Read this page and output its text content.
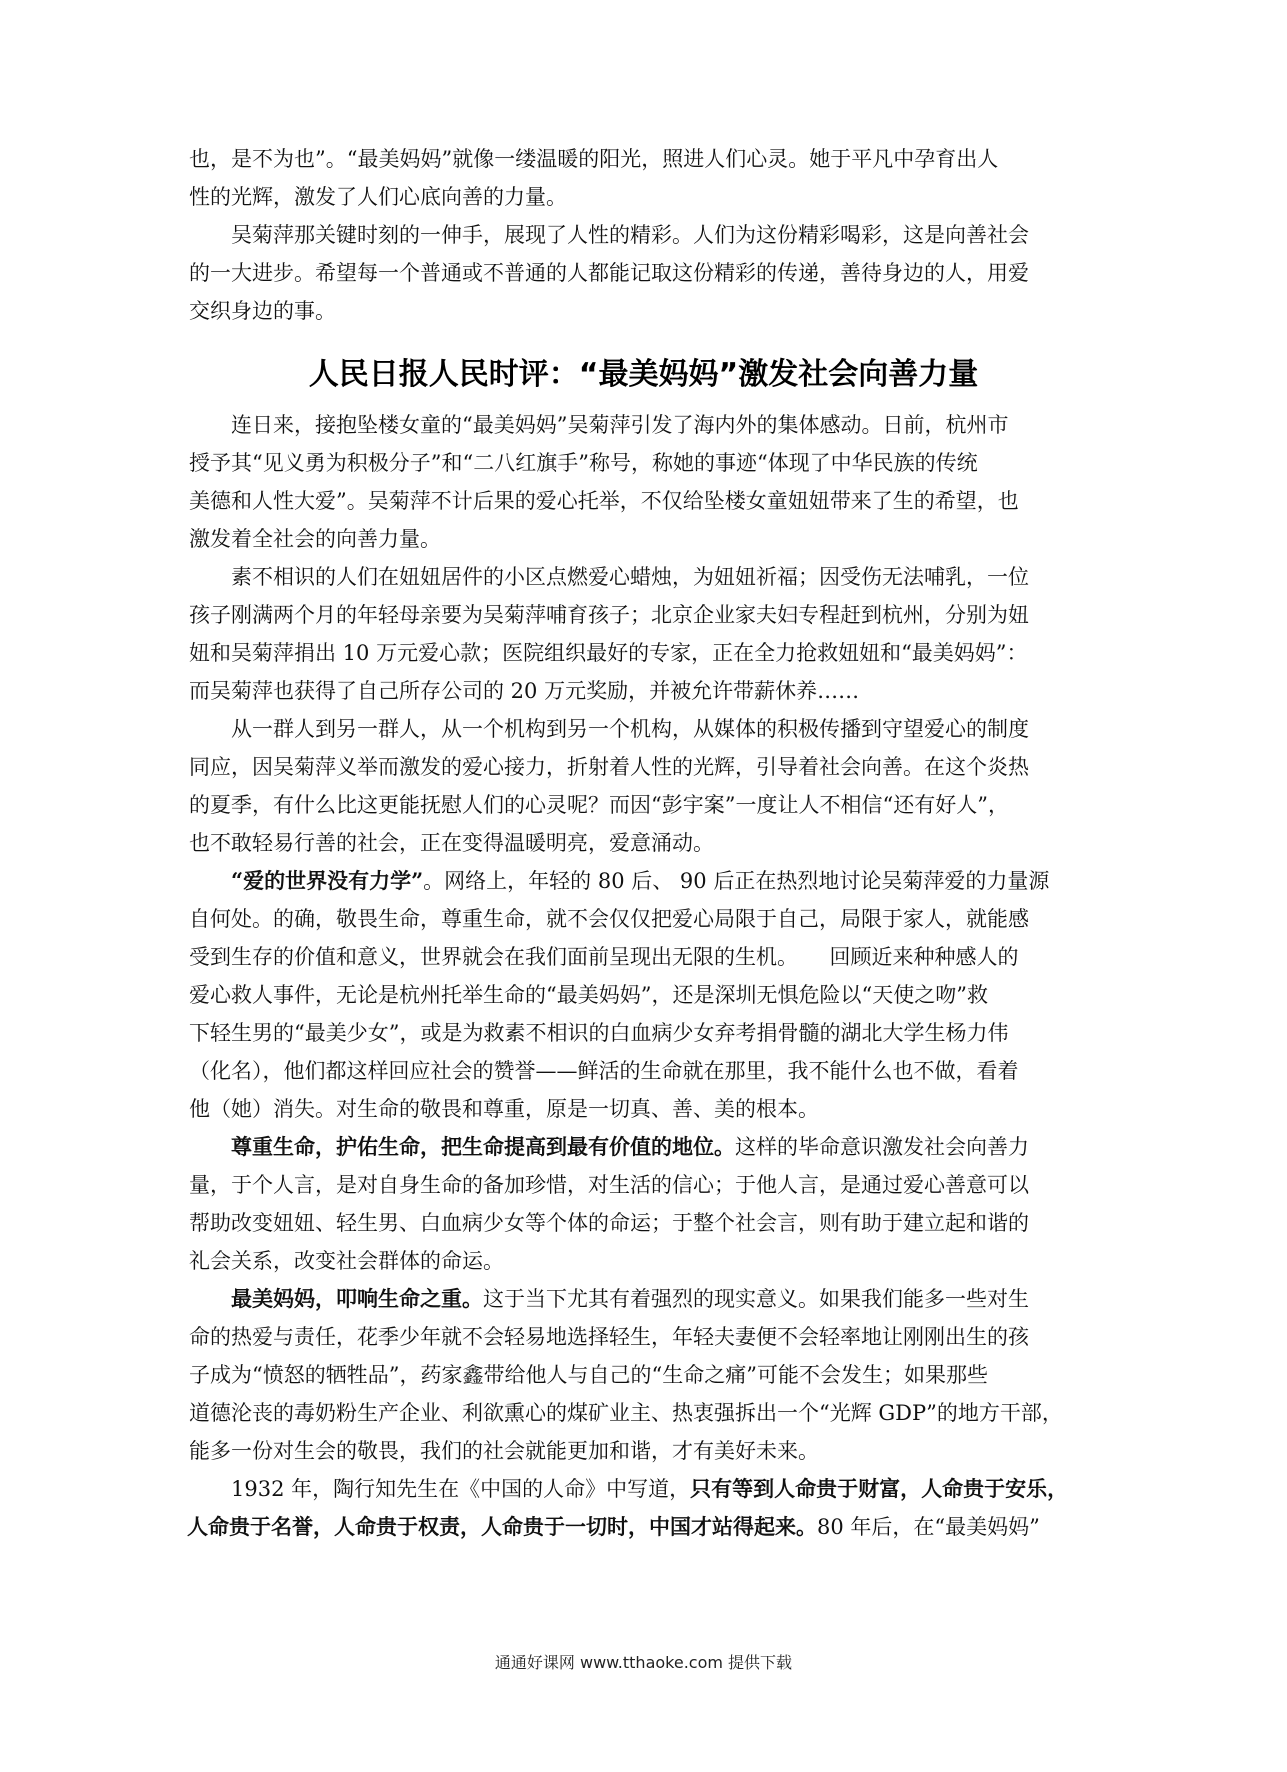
也，是不为也”。“最美妈妈”就像一缕温暖的阳光，照进人们心灵。她于平凡中孕育出人
性的光辉，激发了人们心底向善的力量。
吴菊萍那关键时刻的一伸手，展现了人性的精彩。人们为这份精彩喝彩，这是向善社会
的一大进步。希望每一个普通或不普通的人都能记取这份精彩的传递，善待身边的人，用爱
交织身边的事。
人民日报人民时评：“最美妈妈”激发社会向善力量
连日来，接抱坠楼女童的“最美妈妈”吴菊萍引发了海内外的集体感动。日前，杭州市
授予其“见义勇为积极分子”和“二八红旗手”称号，称她的事迹“体现了中华民族的传统
美德和人性大爱”。吴菊萍不计后果的爱心托举，不仅给坠楼女童妞妞带来了生的希望，也
激发着全社会的向善力量。
素不相识的人们在妞妞居件的小区点燃爱心蜡烛，为妞妞祈福；因受伤无法哺乳，一位
孩子刚满两个月的年轻母亲要为吴菊萍哺育孩子；北京企业家夫妇专程赶到杭州，分别为妞
妞和吴菊萍捐出 10 万元爱心款；医院组织最好的专家，正在全力抢救妞妞和“最美妈妈”：
而吴菊萍也获得了自己所存公司的 20 万元奖励，并被允许带薪休养……
从一群人到另一群人，从一个机构到另一个机构，从媒体的积极传播到守望爱心的制度
同应，因吴菊萍义举而激发的爱心接力，折射着人性的光辉，引导着社会向善。在这个炎热
的夏季，有什么比这更能抚慰人们的心灵呢？而因“彭宇案”一度让人不相信“还有好人”，
也不敢轻易行善的社会，正在变得温暖明亮，爱意涌动。
“爱的世界没有力学”。网络上，年轻的 80 后、 90 后正在热烈地讨论吴菊萍爱的力量源
自何处。的确，敬畏生命，尊重生命，就不会仅仅把爱心局限于自己，局限于家人，就能感
受到生存的价值和意义，世界就会在我们面前呈现出无限的生机。　　回顾近来种种感人的
爱心救人事件，无论是杭州托举生命的“最美妈妈”，还是深圳无惧危险以“天使之吻”救
下轻生男的“最美少女”，或是为救素不相识的白血病少女弃考捐骨髓的湖北大学生杨力伟
（化名），他们都这样回应社会的赞誉——鲜活的生命就在那里，我不能什么也不做，看着
他（她）消失。对生命的敬畏和尊重，原是一切真、善、美的根本。
尊重生命，护佑生命，把生命提高到最有价值的地位。这样的毕命意识激发社会向善力
量，于个人言，是对自身生命的备加珍惜，对生活的信心；于他人言，是通过爱心善意可以
帮助改变妞妞、轻生男、白血病少女等个体的命运；于整个社会言，则有助于建立起和谐的
礼会关系，改变社会群体的命运。
最美妈妈，叩响生命之重。这于当下尤其有着强烈的现实意义。如果我们能多一些对生
命的热爱与责任，花季少年就不会轻易地选择轻生，年轻夫妻便不会轻率地让刚刚出生的孩
子成为“愤怒的牺牲品”，药家鑫带给他人与自己的“生命之痛”可能不会发生；如果那些
道德沦丧的毒奶粉生产企业、利欲熏心的煤矿业主、热衷强拆出一个“光辉 GDP”的地方干部，
能多一份对生会的敬畏，我们的社会就能更加和谐，才有美好未来。
1932 年，陶行知先生在《中国的人命》中写道，只有等到人命贵于财富，人命贵于安乐，
人命贵于名誉，人命贵于权责，人命贵于一切时，中国才站得起来。80 年后，在“最美妈妈”
通通好课网 www.tthaoke.com 提供下载
